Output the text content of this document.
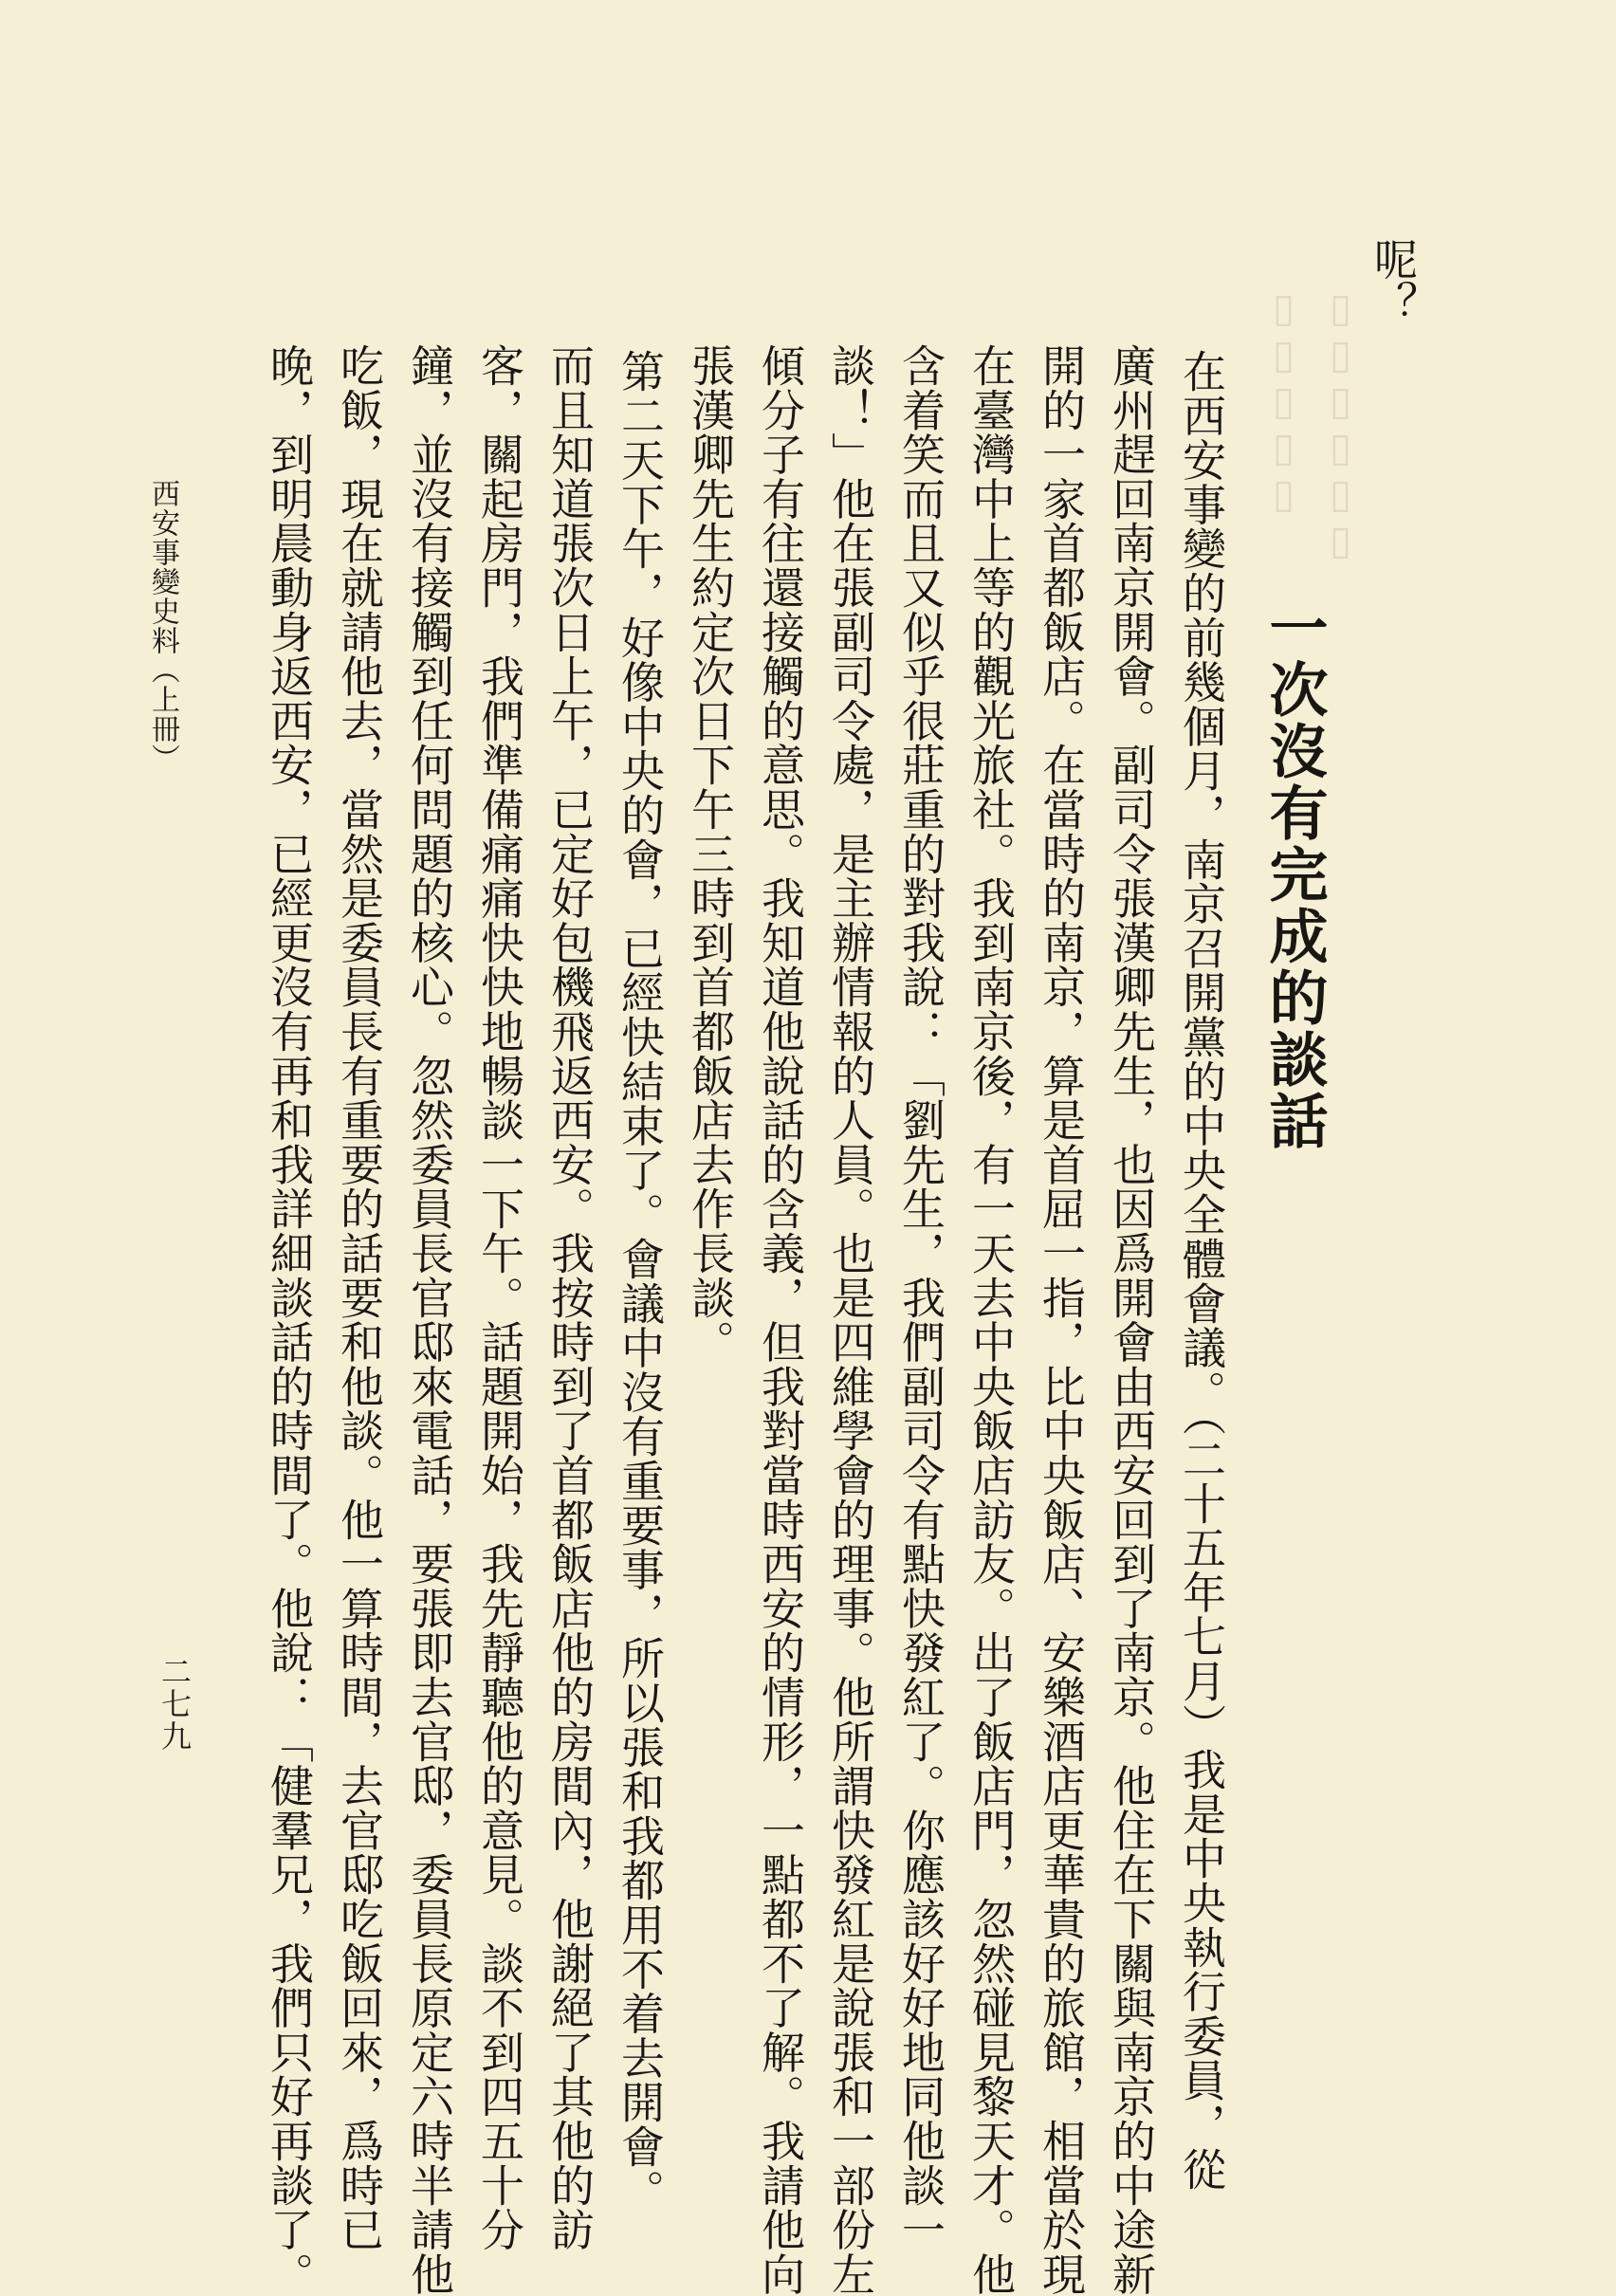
▯▯▯▯▯▯
▯▯▯▯▯
呢？
一次沒有完成的談話
在西安事變的前幾個月，南京召開黨的中央全體會議。（二十五年七月）我是中央執行委員，從
廣州趕回南京開會。副司令張漢卿先生，也因爲開會由西安回到了南京。他住在下關與南京的中途新
開的一家首都飯店。在當時的南京，算是首屈一指，比中央飯店、安樂酒店更華貴的旅館，相當於現
在臺灣中上等的觀光旅社。我到南京後，有一天去中央飯店訪友。出了飯店門，忽然碰見黎天才。他
含着笑而且又似乎很莊重的對我說：「劉先生，我們副司令有點快發紅了。你應該好好地同他談一
談！」他在張副司令處，是主辦情報的人員。也是四維學會的理事。他所謂快發紅是說張和一部份左
傾分子有往還接觸的意思。我知道他說話的含義，但我對當時西安的情形，一點都不了解。我請他向
張漢卿先生約定次日下午三時到首都飯店去作長談。
第二天下午，好像中央的會，已經快結束了。會議中沒有重要事，所以張和我都用不着去開會。
而且知道張次日上午，已定好包機飛返西安。我按時到了首都飯店他的房間內，他謝絕了其他的訪
客，關起房門，我們準備痛痛快快地暢談一下午。話題開始，我先靜聽他的意見。談不到四五十分
鐘，並沒有接觸到任何問題的核心。忽然委員長官邸來電話，要張即去官邸，委員長原定六時半請他
吃飯，現在就請他去，當然是委員長有重要的話要和他談。他一算時間，去官邸吃飯回來，爲時已
晚，到明晨動身返西安，已經更沒有再和我詳細談話的時間了。他說：「健羣兄，我們只好再談了。
西安事變史料（上冊）
二七九
